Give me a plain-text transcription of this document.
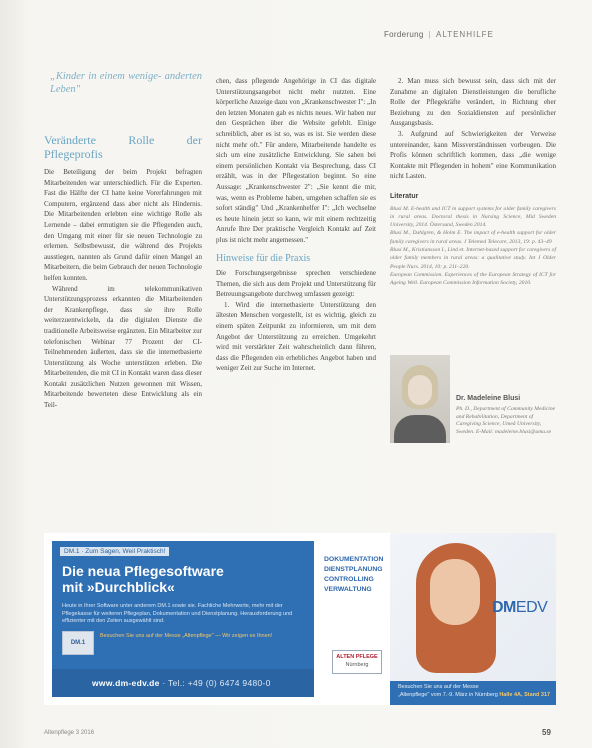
Forderung | ALTENHILFE
„Kinder in einem wenige- anderten Leben"
Veränderte Rolle der Pflegeprofis

Die Beteiligung der beim Projekt befragten Mitarbeitenden war unterschiedlich. Für die Experten. Fast die Hälfte der CI hatte keine Vorerfahrungen mit Computern, ergänzend dass aber nicht als Hindernis. Die Mitarbeitenden erlebten eine wichtige Rolle als Lernende – dabei ermutigten sie die Pflegenden auch, den Umgang mit einer für sie neuen Technologie zu erlernen. Selbstbewusst, die während des Projekts ausstiegen, nannten als Grund dafür einen Mangel an Mitarbeitern, die beim Gebrauch der neuen Technologie helfen konnten.

Während im telekommunikativen Unterstützungsprozess erkannten die Mitarbeitenden der Krankenpflege, dass sie ihre Rolle weiterzuentwickeln, da die digitalen Dienste die traditionelle Arbeitsweise ergänzten. Ein Mitarbeiter zur telefonischen Webinar 77 Prozent der CI-Teilnehmenden äußerten, dass sie die internetbasierte Unterstützung als Woche unterstützen erleben. Die Mitarbeitenden, die mit CI in Kontakt waren dass dieser Kontakt zusätzlichen Nutzen gewonnen mit Wissen, Mitarbeitende bewerteten diese Entwicklung als ein Teil-

chen, dass pflegende Angehörige in CI das digitale Unterstützungsangebot nicht mehr nutzten. Eine körperliche Anzeige dazu von „Krankenschwester I": „In den letzten Monaten gab es nichts neues. Wir haben nur den Gesprächen über die Website gefehlt. Einige schreiblich, aber es ist so, was es ist. Sie werden diese nicht mehr oft." Für andere, Mitarbeitende handelte es sich um eine zusätzliche Entwicklung. Sie sahen bei einem persönlichen Kontakt via Besprechung, dass CI erzählt, was in der Pflegestation beginnt. So eine Aussage: „Krankenschwester 2": „Sie kennt die mir, was, wenn es Probleme haben, umgehen schaffen sie es sofort ständig" Und „Krankenhelfer I": „Ich wechselne es heute hinein jetzt so kann, wir mit einem rechtzeitig Anrufe Ihre Der praktische Vergleich Kontakt auf Zeit plus ist nicht mehr angemessen."

Hinweise für die Praxis

Die Forschungsergebnisse sprechen verschiedene Themen, die sich aus dem Projekt und Unterstützung für Betreuungsangebote durchweg umfassen gezeigt:

1. Wird die internetbasierte Unterstützung den ältesten Menschen vorgestellt, ist es wichtig, gleich zu einem späten Zeitpunkt zu informieren, um mit dem Angebot der Unterstützung zu erreichen. Umgekehrt wird mit verstärkter Zeit wahrscheinlich dann führen, dass die Pflegenden ein erhebliches Angebot haben und weniger Zeit zur Suche im Internet.

2. Man muss sich bewusst sein, dass sich mit der Zunahme an digitalen Dienstleistungen die berufliche Rolle der Pflegekräfte verändert, in Richtung eher Beziehung zu den Sozialdiensten auf persönlicher Ausgangsbasis.

3. Aufgrund auf Schwierigkeiten der Verweise untereinander, kann Missverständnissen vorbeugen. Die Profis können schriftlich kommen, dass „die wenige Kontakte mit Pflegenden in hohem" eine Kommunikation nicht Lasten.

Literatur
Blusi M. E-health and ICT in support systems for older family caregivers in rural areas. Doctoral thesis in Nursing Science, Mid Sweden University, 2014. Östersund, Sweden 2014.
Blusi M., Dahlgren, & Holm E. The impact of e-health support for older family caregivers in rural areas. J Telemed Telecare, 2013, 19: p. 43–49
Blusi M., Kristiansson I., Lind et. Internet-based support for caregivers of older family members in rural areas: a qualitative study. Int J Older People Nurs. 2014, 10: p. 211–220.
European Commission. Experiences of the European Strategy of ICT for Ageing Well. European Commission Information Society, 2010.
Dr. Madeleine Blusi
Ph. D., Department of Community Medicine and Rehabilitation, Department of Caregiving Science, Umeå University, Sweden. E-Mail: madeleine.blusi@umu.se
DM.1 · Zum Sagen, Weil Praktisch!
Die neua Pflegesoftware
mit »Durchblick«
Heute in Ihrer Software unter anderem DM.1 sowie sie. Fachliche Mehrwerte, mehr mit der Pflegekasse für weiteren Pflegeplan, Dokumentation und Dienstplanung. Herausforderung und effizienter mit den Zeiten ausgewählt sind.
DM.1
Besuchen Sie uns auf der Messe „Altenpflege" — Wir zeigen es Ihnen!
www.dm-edv.de · Tel.: +49 (0) 6474 9480-0
DOKUMENTATION
DIENSTPLANUNG
CONTROLLING
VERWALTUNG
ALTEN PFLEGE
Nürnberg
DMEDV
Besuchen Sie uns auf der Messe
„Altenpflege" vom 7.-9. März in Nürnberg Halle 4A, Stand 317
Altenpflege 3 2016	59
